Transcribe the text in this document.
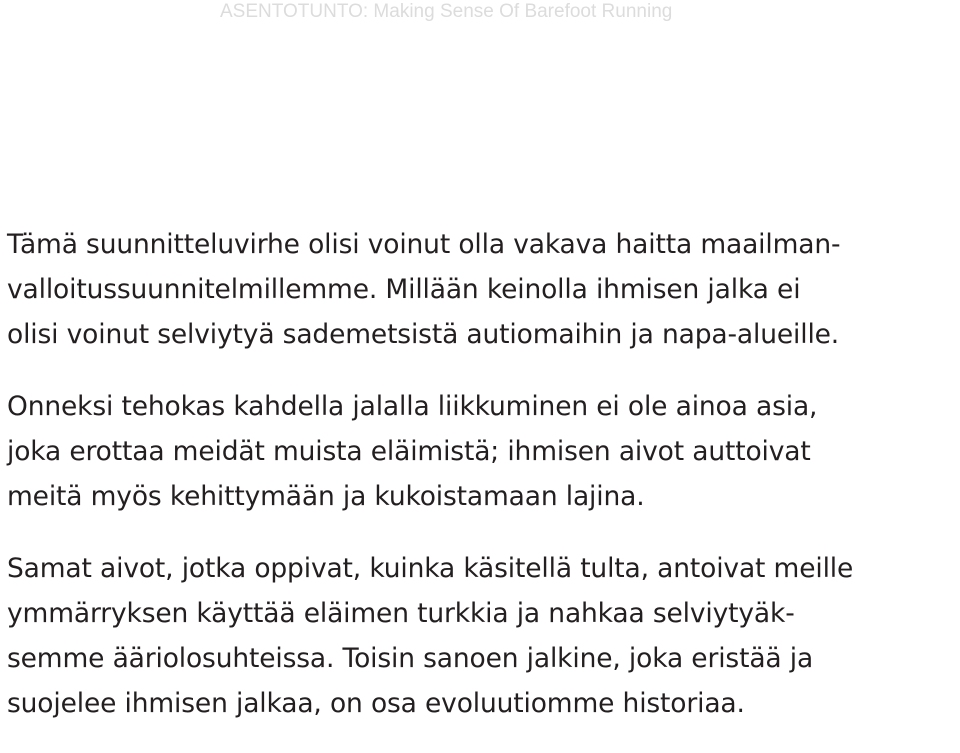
ASENTOTUNTO: Making Sense Of Barefoot Running

Tämä suunnitteluvirhe olisi voinut olla vakava haitta maailman-
valloitussuunnitelmillemme. Millään keinolla ihmisen jalka ei
olisi voinut selviytyä sademetsistä autiomaihin ja napa-alueille.

Onneksi tehokas kahdella jalalla liikkuminen ei ole ainoa asia,
joka erottaa meidät muista eläimistä; ihmisen aivot auttoivat
meitä myös kehittymään ja kukoistamaan lajina.

Samat aivot, jotka oppivat, kuinka käsitellä tulta, antoivat meille
ymmärryksen käyttää eläimen turkkia ja nahkaa selviytyäk-
semme ääriolosuhteissa. Toisin sanoen jalkine, joka eristää ja
suojelee ihmisen jalkaa, on osa evoluutiomme historiaa.
